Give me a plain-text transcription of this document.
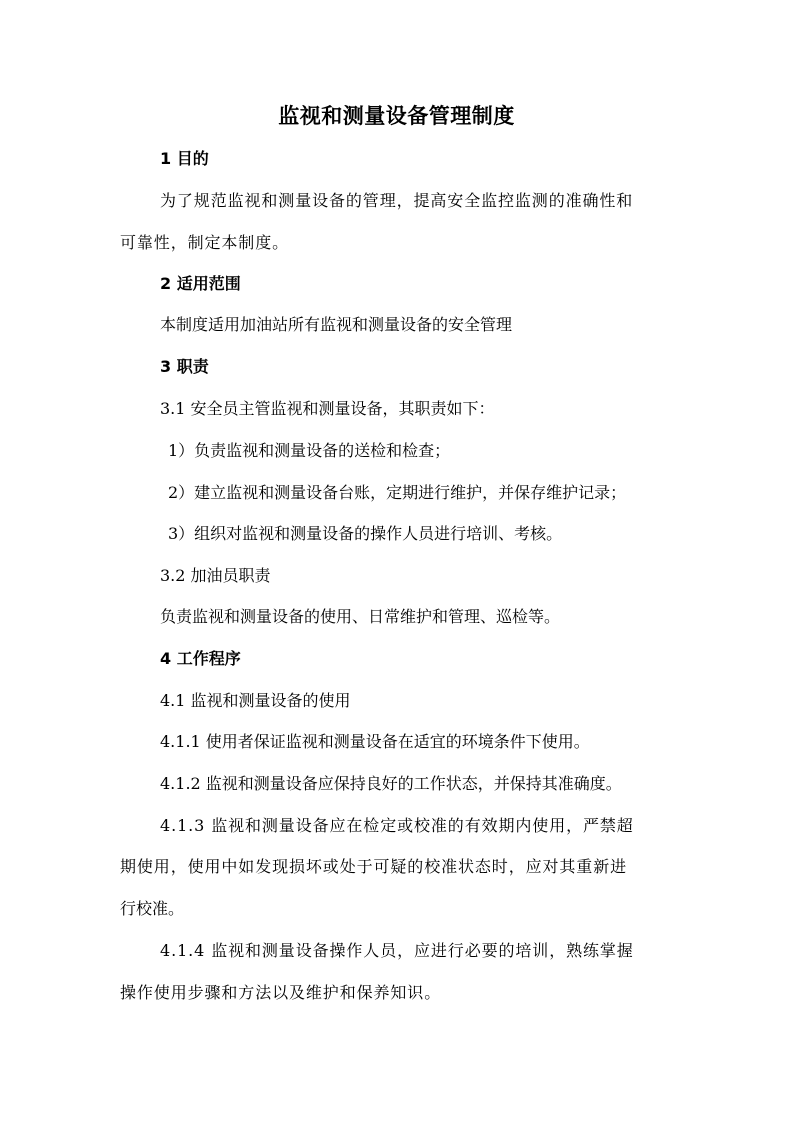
监视和测量设备管理制度
1 目的
为了规范监视和测量设备的管理，提高安全监控监测的准确性和
可靠性，制定本制度。
2 适用范围
本制度适用加油站所有监视和测量设备的安全管理
3 职责
3.1 安全员主管监视和测量设备，其职责如下：
1）负责监视和测量设备的送检和检查；
2）建立监视和测量设备台账，定期进行维护，并保存维护记录；
3）组织对监视和测量设备的操作人员进行培训、考核。
3.2 加油员职责
负责监视和测量设备的使用、日常维护和管理、巡检等。
4 工作程序
4.1 监视和测量设备的使用
4.1.1 使用者保证监视和测量设备在适宜的环境条件下使用。
4.1.2 监视和测量设备应保持良好的工作状态，并保持其准确度。
4.1.3 监视和测量设备应在检定或校准的有效期内使用，严禁超
期使用，使用中如发现损坏或处于可疑的校准状态时，应对其重新进
行校准。
4.1.4 监视和测量设备操作人员，应进行必要的培训，熟练掌握
操作使用步骤和方法以及维护和保养知识。
